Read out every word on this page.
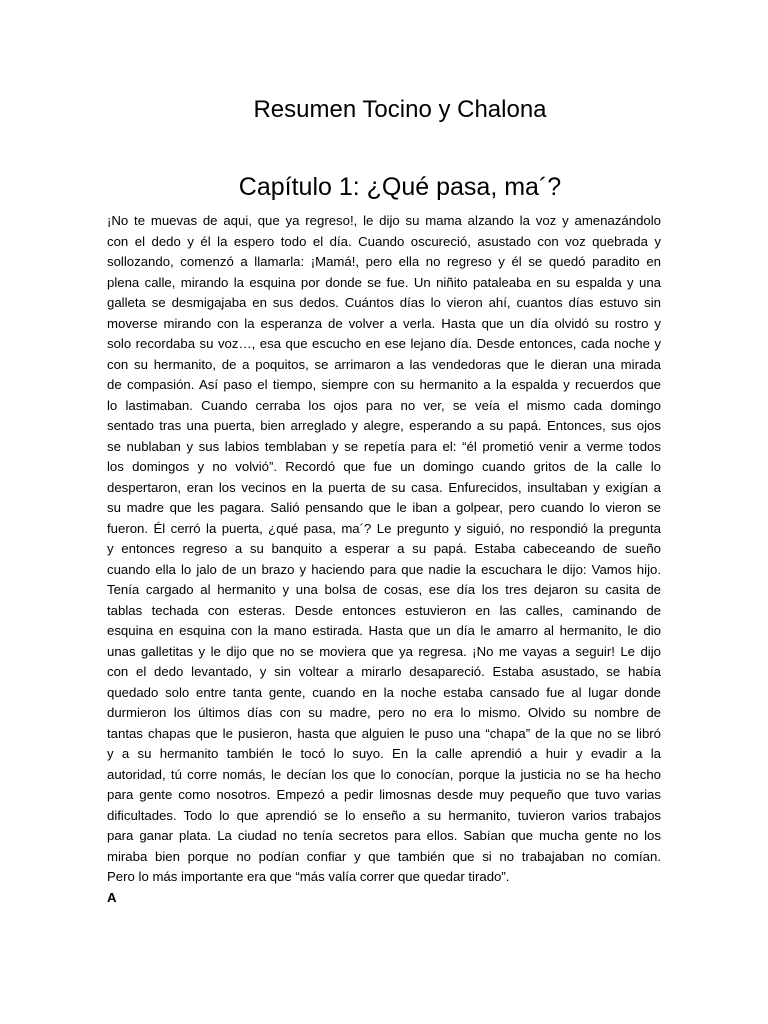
Resumen Tocino y Chalona
Capítulo 1: ¿Qué pasa, ma´?
¡No te muevas de aqui, que ya regreso!, le dijo su mama alzando la voz y amenazándolo
con el dedo y él la espero todo el día. Cuando oscureció, asustado con voz quebrada y
sollozando, comenzó a llamarla: ¡Mamá!, pero ella no regreso y él se quedó paradito en
plena calle, mirando la esquina por donde se fue. Un niñito pataleaba en su espalda y una
galleta se desmigajaba en sus dedos. Cuántos días lo vieron ahí, cuantos días estuvo sin
moverse mirando con la esperanza de volver a verla. Hasta que un día olvidó su rostro y
solo recordaba su voz…, esa que escucho en ese lejano día. Desde entonces, cada noche y
con su hermanito, de a poquitos, se arrimaron a las vendedoras que le dieran una mirada
de compasión. Así paso el tiempo, siempre con su hermanito a la espalda y recuerdos que
lo lastimaban. Cuando cerraba los ojos para no ver, se veía el mismo cada domingo
sentado tras una puerta, bien arreglado y alegre, esperando a su papá. Entonces, sus ojos
se nublaban y sus labios temblaban y se repetía para el: “él prometió venir a verme todos
los domingos y no volvió”. Recordó que fue un domingo cuando gritos de la calle lo
despertaron, eran los vecinos en la puerta de su casa. Enfurecidos, insultaban y exigían a
su madre que les pagara. Salió pensando que le iban a golpear, pero cuando lo vieron se
fueron. Él cerró la puerta, ¿qué pasa, ma´? Le pregunto y siguió, no respondió la pregunta
y entonces regreso a su banquito a esperar a su papá. Estaba cabeceando de sueño
cuando ella lo jalo de un brazo y haciendo para que nadie la escuchara le dijo: Vamos hijo.
Tenía cargado al hermanito y una bolsa de cosas, ese día los tres dejaron su casita de
tablas techada con esteras. Desde entonces estuvieron en las calles, caminando de
esquina en esquina con la mano estirada. Hasta que un día le amarro al hermanito, le dio
unas galletitas y le dijo que no se moviera que ya regresa. ¡No me vayas a seguir! Le dijo
con el dedo levantado, y sin voltear a mirarlo desapareció. Estaba asustado, se había
quedado solo entre tanta gente, cuando en la noche estaba cansado fue al lugar donde
durmieron los últimos días con su madre, pero no era lo mismo. Olvido su nombre de
tantas chapas que le pusieron, hasta que alguien le puso una “chapa” de la que no se libró
y a su hermanito también le tocó lo suyo. En la calle aprendió a huir y evadir a la
autoridad, tú corre nomás, le decían los que lo conocían, porque la justicia no se ha hecho
para gente como nosotros. Empezó a pedir limosnas desde muy pequeño que tuvo varias
dificultades. Todo lo que aprendió se lo enseño a su hermanito, tuvieron varios trabajos
para ganar plata. La ciudad no tenía secretos para ellos. Sabían que mucha gente no los
miraba bien porque no podían confiar y que también que si no trabajaban no comían.
Pero lo más importante era que “más valía correr que quedar tirado”.
A
